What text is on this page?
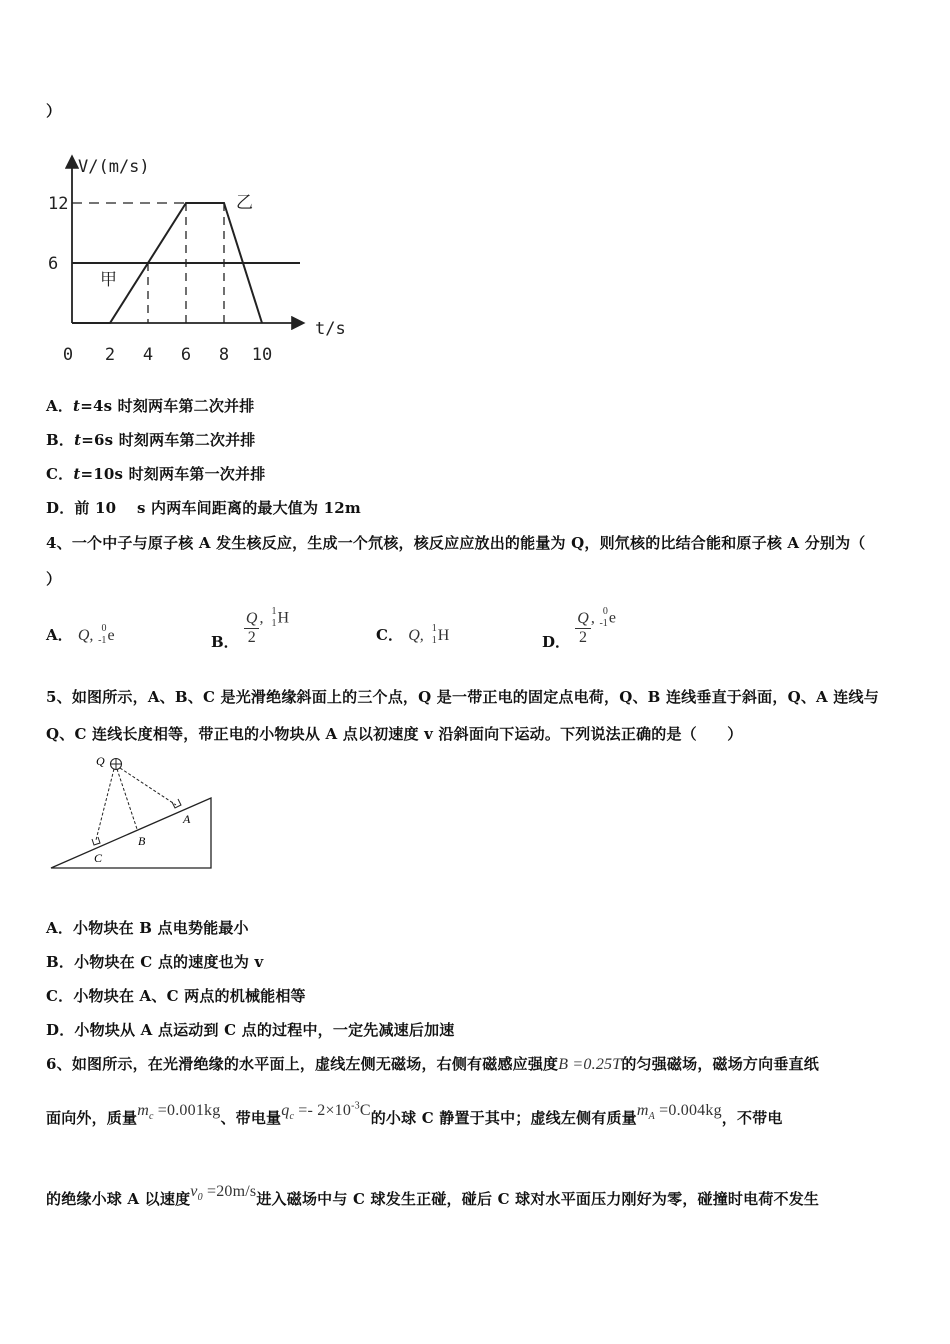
）
V/(m/s)
t/s
0 2 4 6 8 10
12
6
甲
乙
A．t=4s 时刻两车第二次并排
B．t=6s 时刻两车第二次并排
C．t=10s 时刻两车第一次并排
D．前 10　 s 内两车间距离的最大值为 12m
4、一个中子与原子核 A 发生核反应，生成一个氘核，核反应应放出的能量为 Q，则氘核的比结合能和原子核 A 分别为（
）
A． Q, 0
-1 e	B． $\frac{Q}{2}$ , 1
1 H
C． Q, 1
1 H	D． $\frac{Q}{2}$ , 0
-1 e
5、如图所示，A、B、C 是光滑绝缘斜面上的三个点，Q 是一带正电的固定点电荷，Q、B 连线垂直于斜面，Q、A 连线与
Q、C 连线长度相等，带正电的小物块从 A 点以初速度 v 沿斜面向下运动。下列说法正确的是（　　）
Q
A
B
C
A．小物块在 B 点电势能最小
B．小物块在 C 点的速度也为 v
C．小物块在 A、C 两点的机械能相等
D．小物块从 A 点运动到 C 点的过程中，一定先减速后加速
6、如图所示，在光滑绝缘的水平面上，虚线左侧无磁场，右侧有磁感应强度B =0.25T的匀强磁场，磁场方向垂直纸
面向外，质量$m_c =0.001kg$、带电量$q_c =- 2\times 10^{-3}C$的小球 C 静置于其中；虚线左侧有质量$m_A =0.004kg$，不带电
的绝缘小球 A 以速度$v_0 =20m/s$进入磁场中与 C 球发生正碰，碰后 C 球对水平面压力刚好为零，碰撞时电荷不发生
